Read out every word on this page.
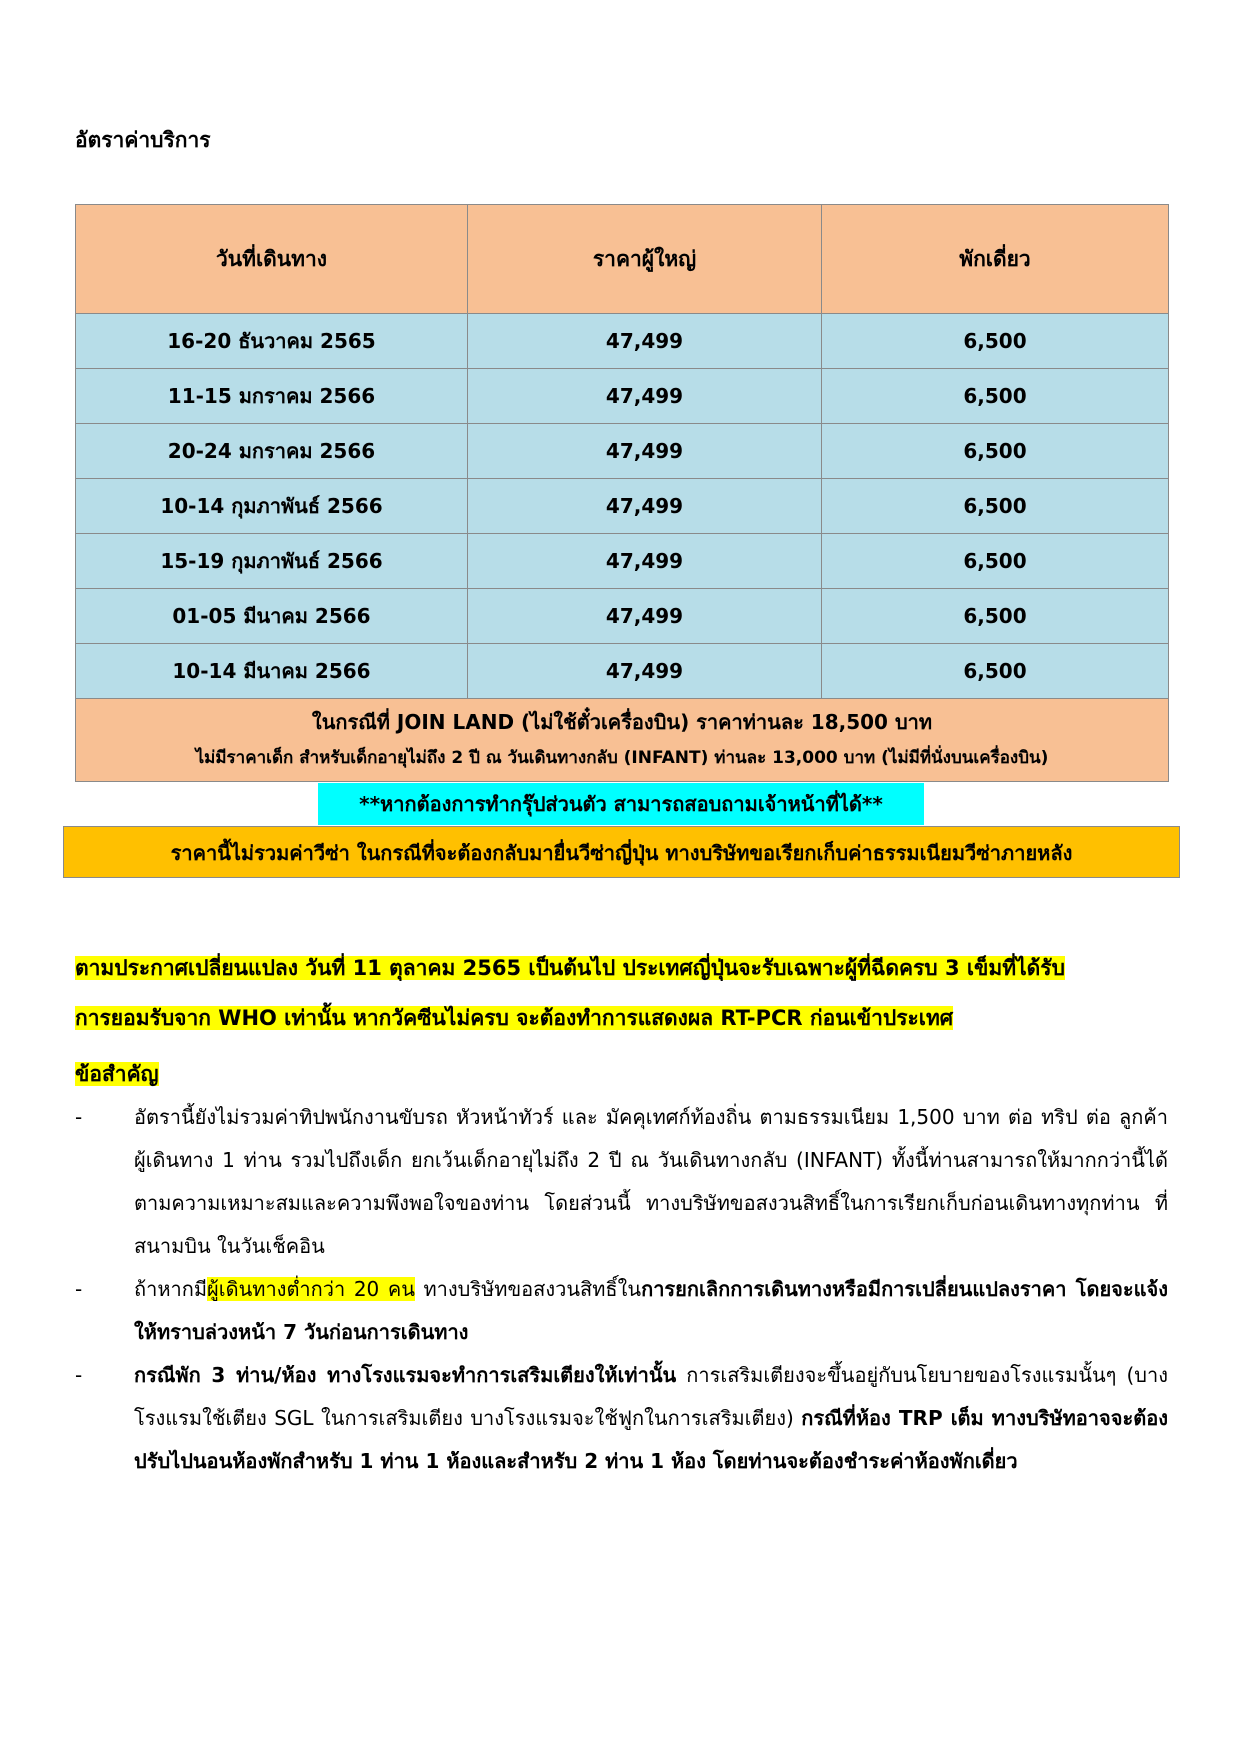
อัตราค่าบริการ
วันที่เดินทาง	ราคาผู้ใหญ่	พักเดี่ยว
16-20 ธันวาคม 2565	47,499	6,500
11-15 มกราคม 2566	47,499	6,500
20-24 มกราคม 2566	47,499	6,500
10-14 กุมภาพันธ์ 2566	47,499	6,500
15-19 กุมภาพันธ์ 2566	47,499	6,500
01-05 มีนาคม 2566	47,499	6,500
10-14 มีนาคม 2566	47,499	6,500

ในกรณีที่ JOIN LAND (ไม่ใช้ตั๋วเครื่องบิน) ราคาท่านละ 18,500 บาท
ไม่มีราคาเด็ก สำหรับเด็กอายุไม่ถึง 2 ปี ณ วันเดินทางกลับ (INFANT) ท่านละ 13,000 บาท (ไม่มีที่นั่งบนเครื่องบิน)		
**หากต้องการทำกรุ๊ปส่วนตัว สามารถสอบถามเจ้าหน้าที่ได้**
ราคานี้ไม่รวมค่าวีซ่า ในกรณีที่จะต้องกลับมายื่นวีซ่าญี่ปุ่น ทางบริษัทขอเรียกเก็บค่าธรรมเนียมวีซ่าภายหลัง
ตามประกาศเปลี่ยนแปลง วันที่ 11 ตุลาคม 2565 เป็นต้นไป ประเทศญี่ปุ่นจะรับเฉพาะผู้ที่ฉีดครบ 3 เข็มที่ได้รับ
การยอมรับจาก WHO เท่านั้น หากวัคซีนไม่ครบ จะต้องทำการแสดงผล RT-PCR ก่อนเข้าประเทศ
ข้อสำคัญ
-	อัตรานี้ยังไม่รวมค่าทิปพนักงานขับรถ หัวหน้าทัวร์ และ มัคคุเทศก์ท้องถิ่น ตามธรรมเนียม 1,500 บาท ต่อ ทริป ต่อ ลูกค้า ผู้เดินทาง 1 ท่าน รวมไปถึงเด็ก ยกเว้นเด็กอายุไม่ถึง 2 ปี ณ วันเดินทางกลับ (INFANT) ทั้งนี้ท่านสามารถให้มากกว่านี้ได้ตามความเหมาะสมและความพึงพอใจของท่าน โดยส่วนนี้ ทางบริษัทขอสงวนสิทธิ์ในการเรียกเก็บก่อนเดินทางทุกท่าน ที่สนามบิน ในวันเช็คอิน
-	ถ้าหากมีผู้เดินทางต่ำกว่า 20 คน ทางบริษัทขอสงวนสิทธิ์ในการยกเลิกการเดินทางหรือมีการเปลี่ยนแปลงราคา โดยจะแจ้งให้ทราบล่วงหน้า 7 วันก่อนการเดินทาง
-	กรณีพัก 3 ท่าน/ห้อง ทางโรงแรมจะทำการเสริมเตียงให้เท่านั้น การเสริมเตียงจะขึ้นอยู่กับนโยบายของโรงแรมนั้นๆ (บางโรงแรมใช้เตียง SGL ในการเสริมเตียง บางโรงแรมจะใช้ฟูกในการเสริมเตียง) กรณีที่ห้อง TRP เต็ม ทางบริษัทอาจจะต้องปรับไปนอนห้องพักสำหรับ 1 ท่าน 1 ห้องและสำหรับ 2 ท่าน 1 ห้อง โดยท่านจะต้องชำระค่าห้องพักเดี่ยว
